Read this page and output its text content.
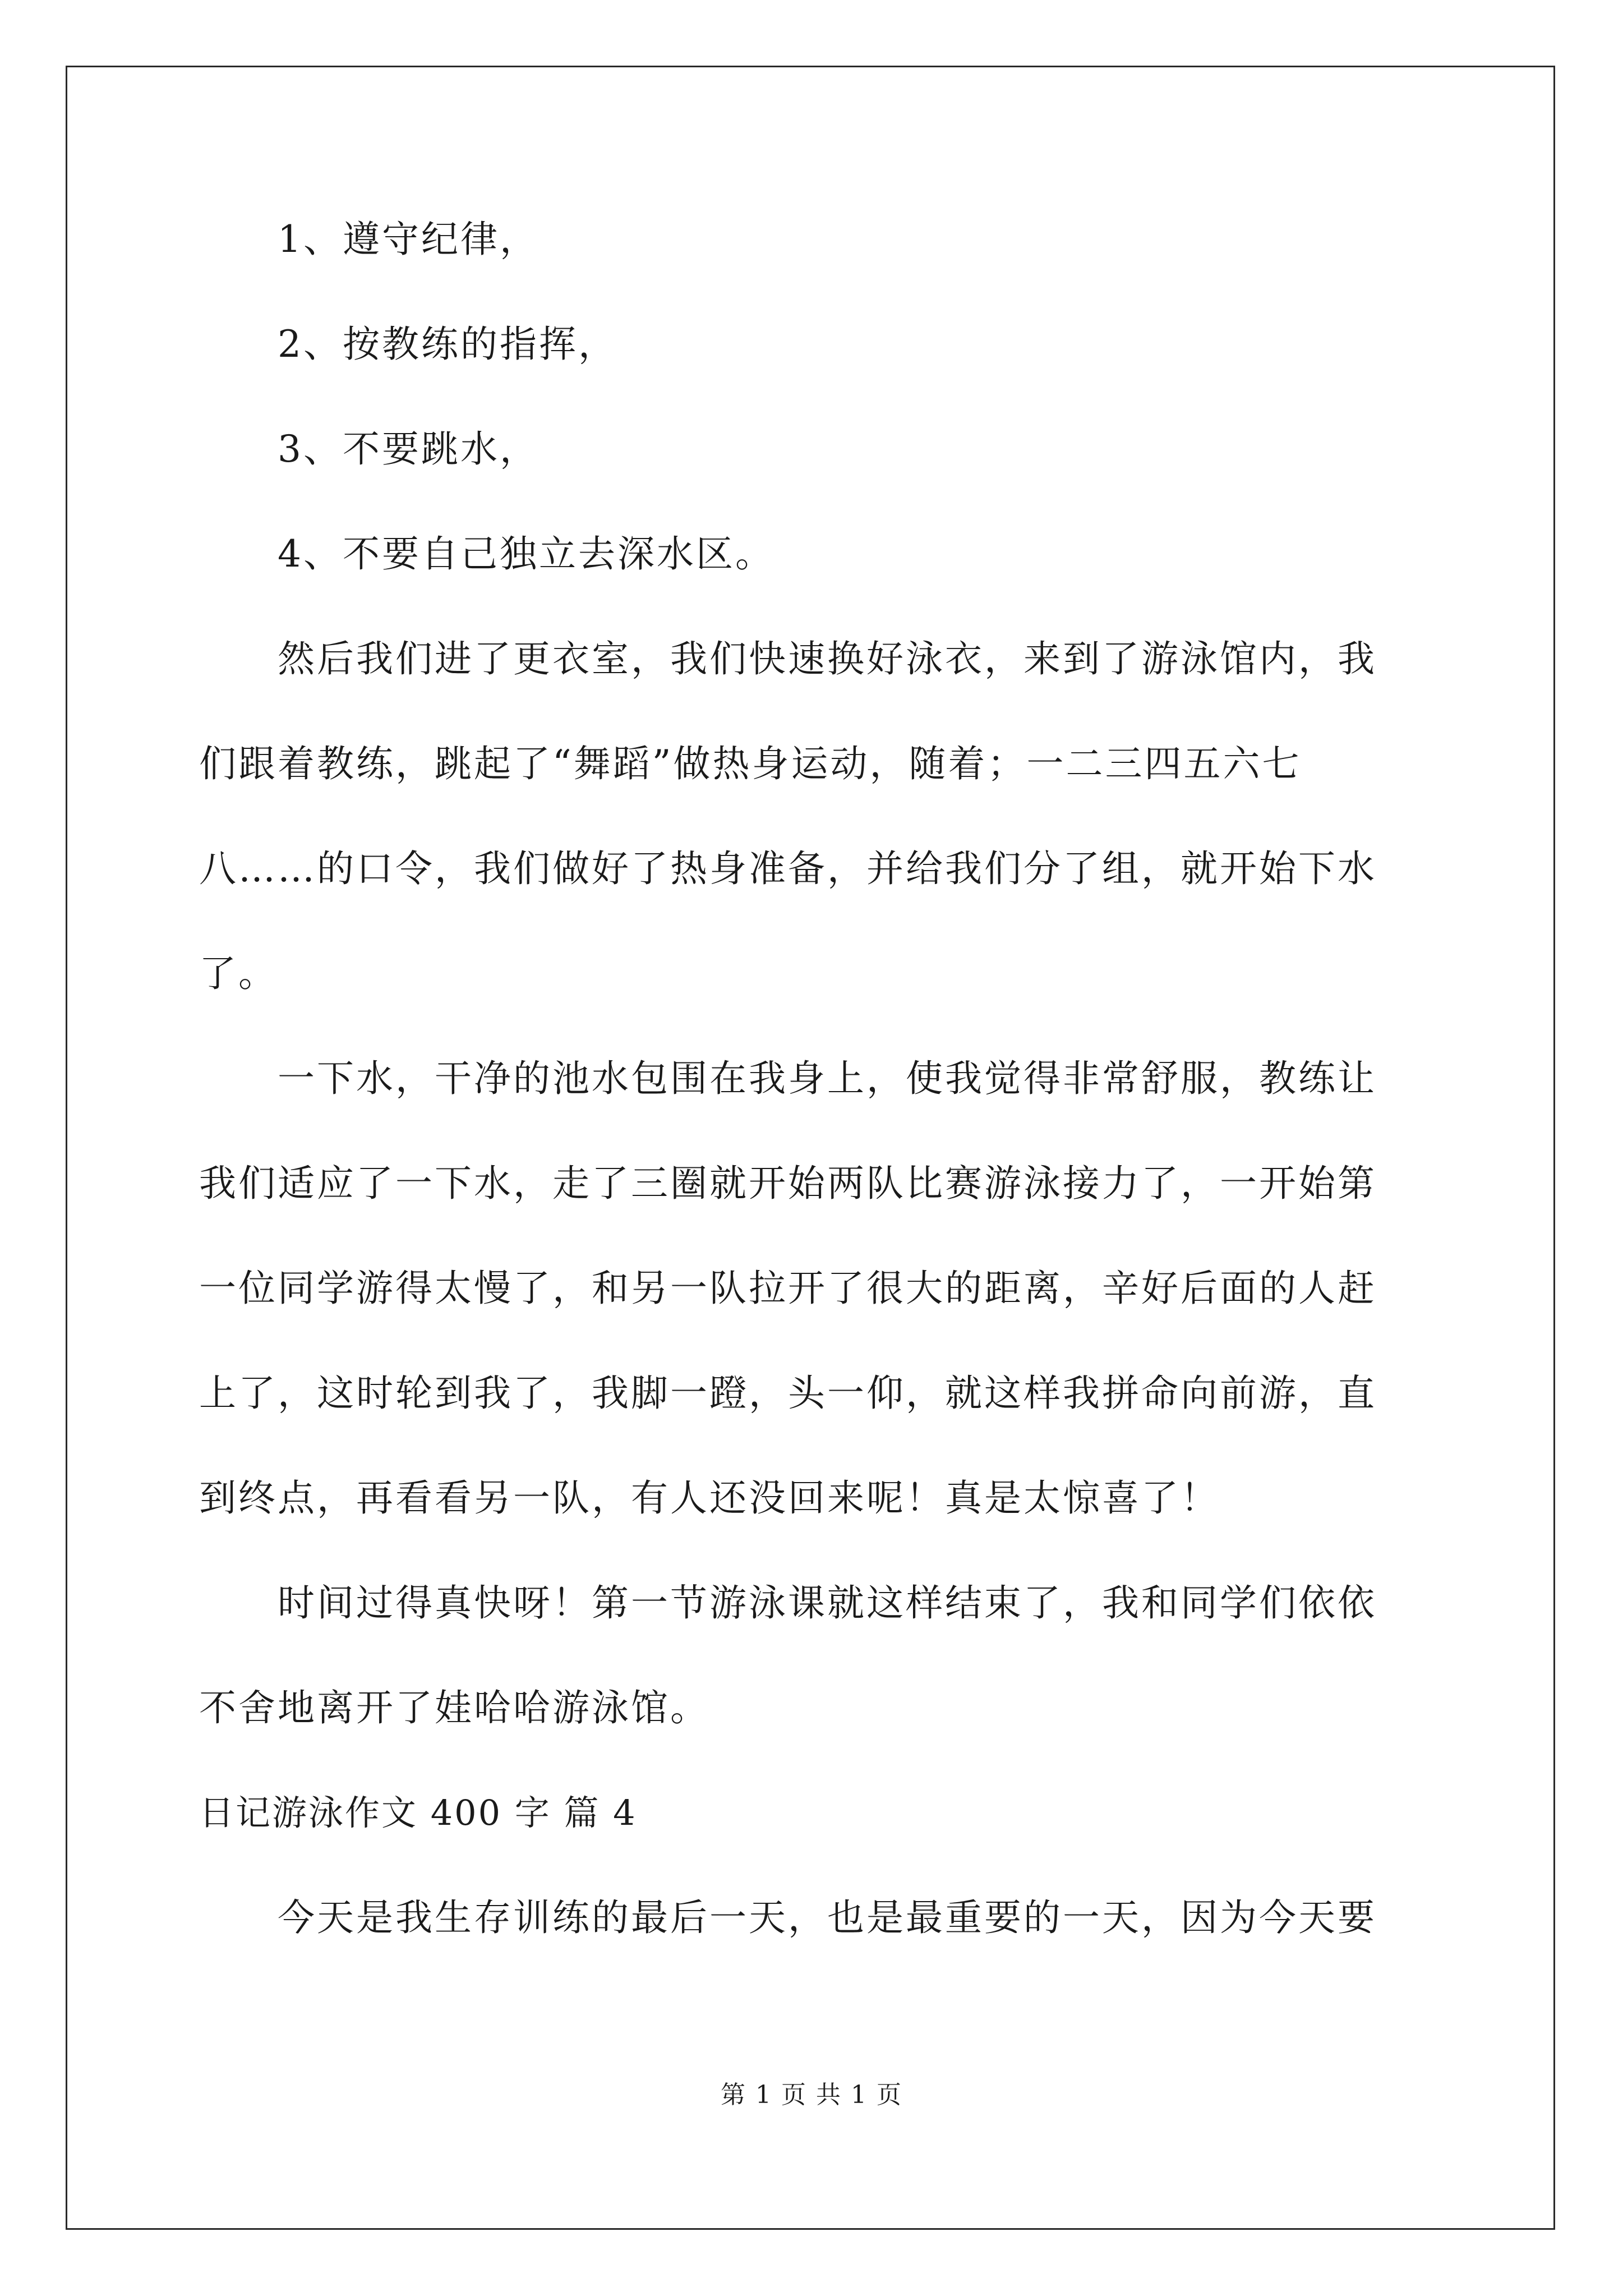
1、遵守纪律，
2、按教练的指挥，
3、不要跳水，
4、不要自己独立去深水区。

然后我们进了更衣室，我们快速换好泳衣，来到了游泳馆内，我
们跟着教练，跳起了“舞蹈”做热身运动，随着；一二三四五六七
八……的口令，我们做好了热身准备，并给我们分了组，就开始下水
了。

一下水，干净的池水包围在我身上，使我觉得非常舒服，教练让
我们适应了一下水，走了三圈就开始两队比赛游泳接力了，一开始第
一位同学游得太慢了，和另一队拉开了很大的距离，辛好后面的人赶
上了，这时轮到我了，我脚一蹬，头一仰，就这样我拼命向前游，直
到终点，再看看另一队，有人还没回来呢！真是太惊喜了！

时间过得真快呀！第一节游泳课就这样结束了，我和同学们依依
不舍地离开了娃哈哈游泳馆。

日记游泳作文 400 字 篇 4

今天是我生存训练的最后一天，也是最重要的一天，因为今天要

第 1 页 共 1 页
